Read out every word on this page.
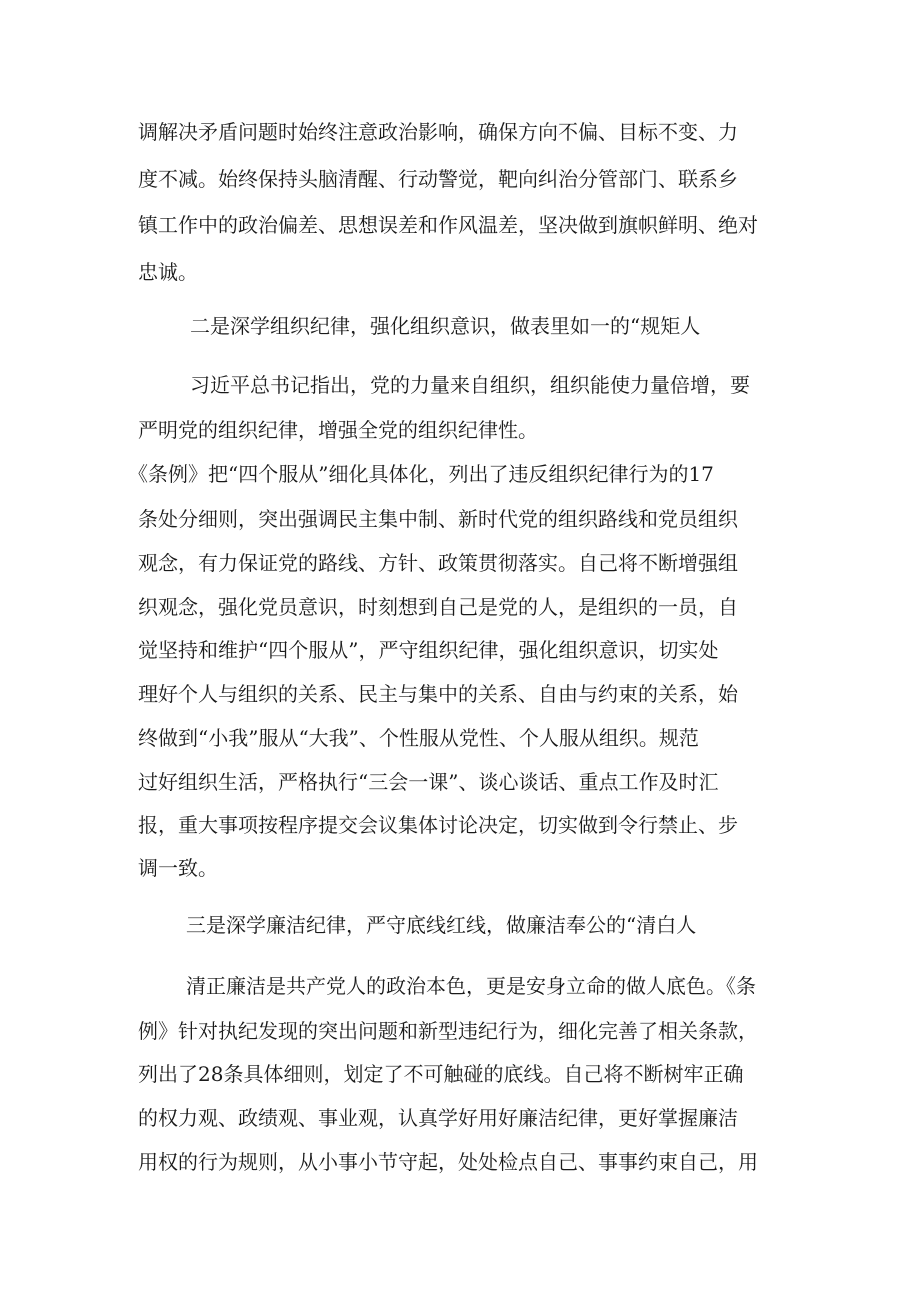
调解决矛盾问题时始终注意政治影响，确保方向不偏、目标不变、力
度不减。始终保持头脑清醒、行动警觉，靶向纠治分管部门、联系乡
镇工作中的政治偏差、思想误差和作风温差，坚决做到旗帜鲜明、绝对
忠诚。
二是深学组织纪律，强化组织意识，做表里如一的“规矩人
习近平总书记指出，党的力量来自组织，组织能使力量倍增，要
严明党的组织纪律，增强全党的组织纪律性。
《条例》把“四个服从”细化具体化，列出了违反组织纪律行为的17
条处分细则，突出强调民主集中制、新时代党的组织路线和党员组织
观念，有力保证党的路线、方针、政策贯彻落实。自己将不断增强组
织观念，强化党员意识，时刻想到自己是党的人，是组织的一员，自
觉坚持和维护“四个服从”，严守组织纪律，强化组织意识，切实处
理好个人与组织的关系、民主与集中的关系、自由与约束的关系，始
终做到“小我”服从“大我”、个性服从党性、个人服从组织。规范
过好组织生活，严格执行“三会一课”、谈心谈话、重点工作及时汇
报，重大事项按程序提交会议集体讨论决定，切实做到令行禁止、步
调一致。
三是深学廉洁纪律，严守底线红线，做廉洁奉公的“清白人
清正廉洁是共产党人的政治本色，更是安身立命的做人底色。《条
例》针对执纪发现的突出问题和新型违纪行为，细化完善了相关条款，
列出了28条具体细则，划定了不可触碰的底线。自己将不断树牢正确
的权力观、政绩观、事业观，认真学好用好廉洁纪律，更好掌握廉洁
用权的行为规则，从小事小节守起，处处检点自己、事事约束自己，用
